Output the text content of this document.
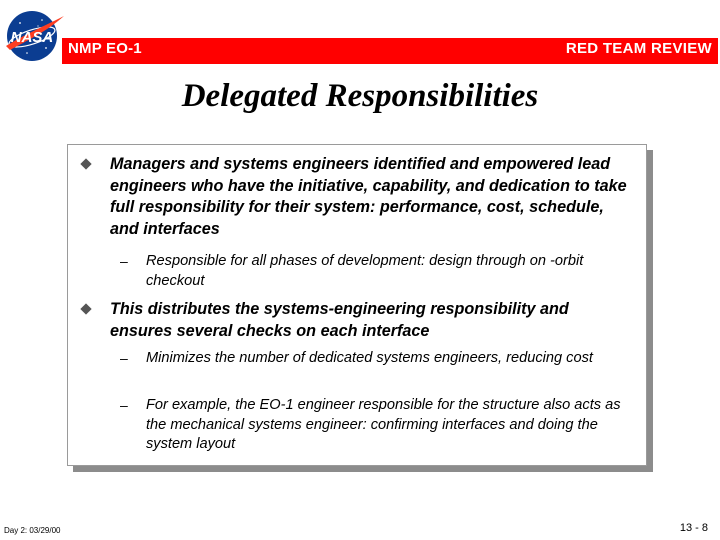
NASA
NMP EO-1	RED TEAM REVIEW
Delegated Responsibilities
Managers and systems engineers identified and empowered lead engineers who have the initiative, capability, and dedication to take full responsibility for their system: performance, cost, schedule, and interfaces
– Responsible for all phases of development: design through on -orbit checkout
This distributes the systems-engineering responsibility and ensures several checks on each interface
– Minimizes the number of dedicated systems engineers, reducing cost
– For example, the EO-1 engineer responsible for the structure also acts as the mechanical systems engineer: confirming interfaces and doing the system layout
Day 2: 03/29/00	13 - 8
